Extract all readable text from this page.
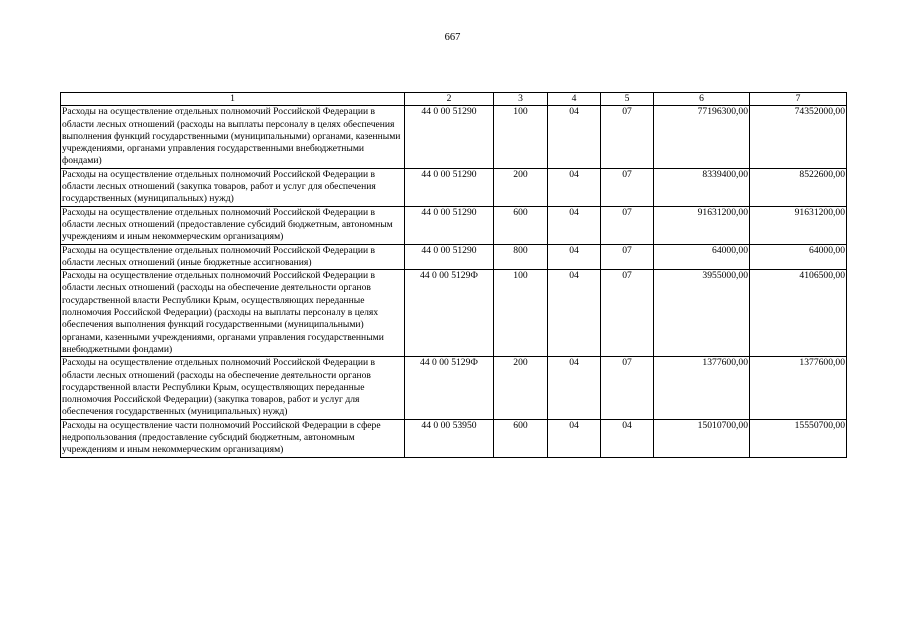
667
1	2	3	4	5	6	7
Расходы на осуществление отдельных полномочий Российской Федерации в области лесных отношений (расходы на выплаты персоналу в целях обеспечения выполнения функций государственными (муниципальными) органами, казенными учреждениями, органами управления государственными внебюджетными фондами)	44 0 00 51290	100	04	07	77196300,00	74352000,00
Расходы на осуществление отдельных полномочий Российской Федерации в области лесных отношений (закупка товаров, работ и услуг для обеспечения государственных (муниципальных) нужд)	44 0 00 51290	200	04	07	8339400,00	8522600,00
Расходы на осуществление отдельных полномочий Российской Федерации в области лесных отношений (предоставление субсидий бюджетным, автономным учреждениям и иным некоммерческим организациям)	44 0 00 51290	600	04	07	91631200,00	91631200,00
Расходы на осуществление отдельных полномочий Российской Федерации в области лесных отношений (иные бюджетные ассигнования)	44 0 00 51290	800	04	07	64000,00	64000,00
Расходы на осуществление отдельных полномочий Российской Федерации в области лесных отношений (расходы на обеспечение деятельности органов государственной власти Республики Крым, осуществляющих переданные полномочия Российской Федерации) (расходы на выплаты персоналу в целях обеспечения выполнения функций государственными (муниципальными) органами, казенными учреждениями, органами управления государственными внебюджетными фондами)	44 0 00 5129Ф	100	04	07	3955000,00	4106500,00
Расходы на осуществление отдельных полномочий Российской Федерации в области лесных отношений (расходы на обеспечение деятельности органов государственной власти Республики Крым, осуществляющих переданные полномочия Российской Федерации) (закупка товаров, работ и услуг для обеспечения государственных (муниципальных) нужд)	44 0 00 5129Ф	200	04	07	1377600,00	1377600,00
Расходы на осуществление части полномочий Российской Федерации в сфере недропользования (предоставление субсидий бюджетным, автономным учреждениям и иным некоммерческим организациям)	44 0 00 53950	600	04	04	15010700,00	15550700,00
